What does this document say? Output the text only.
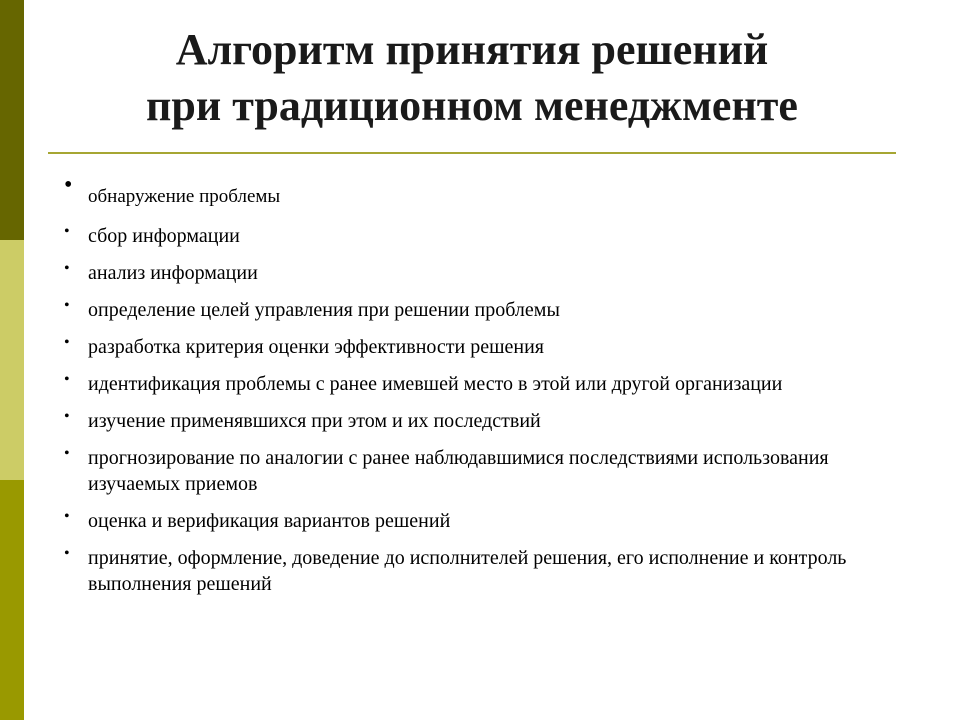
Алгоритм принятия решений
при традиционном менеджменте
• обнаружение проблемы
• сбор информации
• анализ информации
• определение целей управления при решении проблемы
• разработка критерия оценки эффективности решения
• идентификация проблемы с ранее имевшей место в этой или другой организации
• изучение применявшихся при этом и их последствий
• прогнозирование по аналогии с ранее наблюдавшимися последствиями использования изучаемых приемов
• оценка и верификация вариантов решений
• принятие, оформление, доведение до исполнителей решения, его исполнение и контроль выполнения решений
